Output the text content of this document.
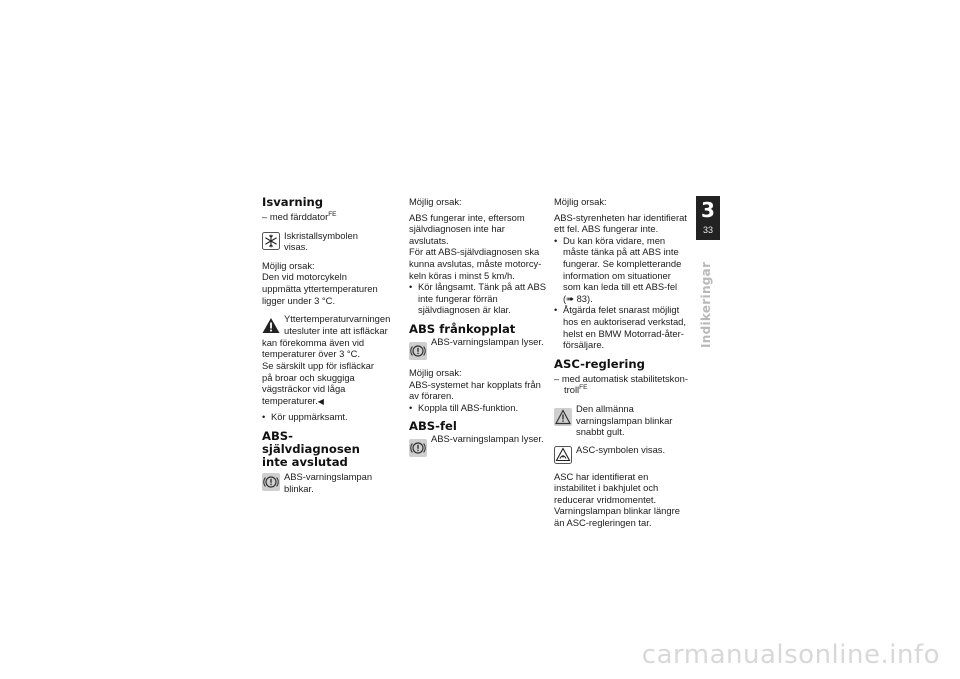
Isvarning

– med färddator$^{FE}$

Iskristallsymbolen visas.

Möjlig orsak:

Den vid motorcykeln uppmätta yttertemperaturen ligger under 3 °C.

Yttertemperaturvarningen utesluter inte att isfläckar

kan förekomma även vid temperaturer över 3 °C.

Se särskilt upp för isfläckar på broar och skuggiga vägsträckor vid låga temperaturer.◀

• Kör uppmärksamt.
ABS-självdiagnosen inte avslutad
ABS-varningslampan blinkar.

Möjlig orsak:

ABS fungerar inte, eftersom självdiagnosen inte har avslutats.

För att ABS-självdiagnosen ska kunna avslutas, måste motorcykeln köras i minst 5 km/h.

• Kör långsamt. Tänk på att ABS inte fungerar förrän självdiagnosen är klar.
ABS frånkopplat
ABS-varningslampan lyser.

Möjlig orsak:

ABS-systemet har kopplats från av föraren.

• Koppla till ABS-funktion.
ABS-fel
ABS-varningslampan lyser.

Möjlig orsak:

ABS-styrenheten har identifierat ett fel. ABS fungerar inte.

• Du kan köra vidare, men måste tänka på att ABS inte fungerar. Se kompletterande information om situationer som kan leda till ett ABS-fel (➠ 83).
• Åtgärda felet snarast möjligt hos en auktoriserad verkstad, helst en BMW Motorrad-återförsäljare.
ASC-reglering

– med automatisk stabilitetskontroll$^{FE}$

Den allmänna varningslampan blinkar snabbt gult.
ASC-symbolen visas.

ASC har identifierat en instabilitet i bakhjulet och reducerar vridmomentet. Varningslampan blinkar längre än ASC-regleringen tar.

3
33
Indikeringar
carmanualsonline.info
